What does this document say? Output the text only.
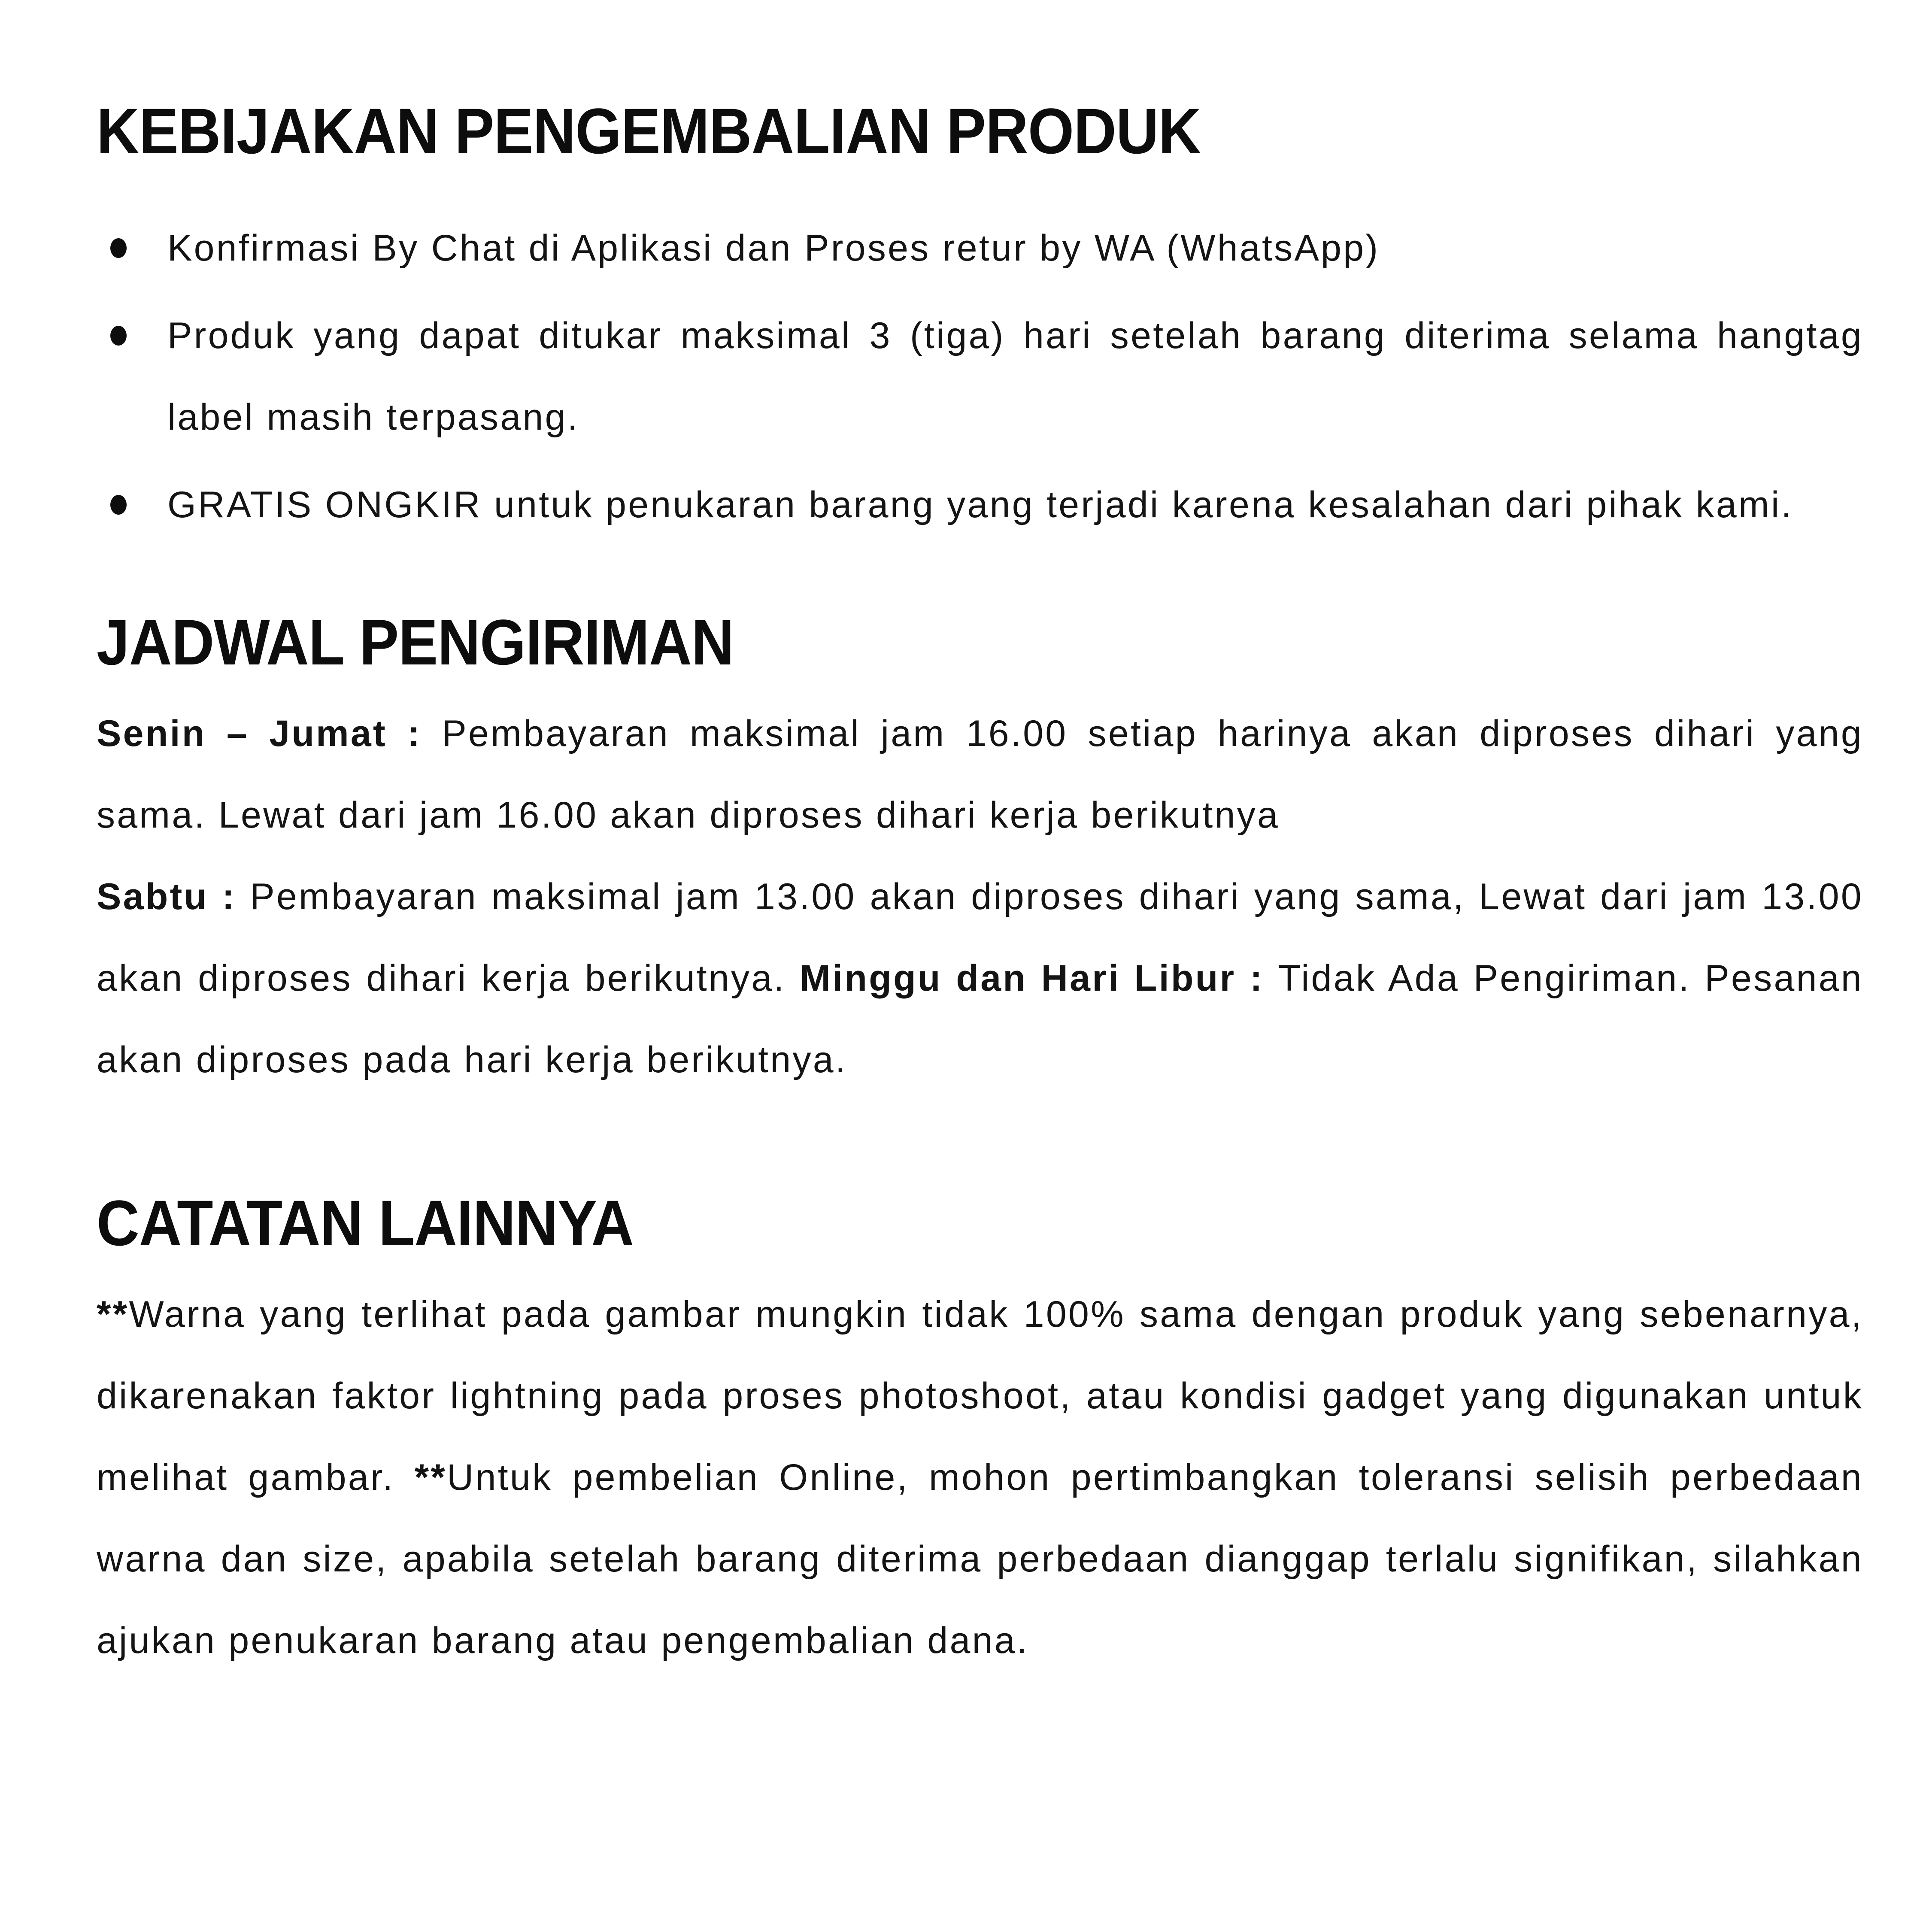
KEBIJAKAN PENGEMBALIAN PRODUK
Konfirmasi By Chat di Aplikasi dan Proses retur by WA (WhatsApp)
Produk yang dapat ditukar maksimal 3 (tiga) hari setelah barang diterima selama hangtag label masih terpasang.
GRATIS ONGKIR untuk penukaran barang yang terjadi karena kesalahan dari pihak kami.
JADWAL PENGIRIMAN

Senin – Jumat : Pembayaran maksimal jam 16.00 setiap harinya akan diproses dihari yang sama. Lewat dari jam 16.00 akan diproses dihari kerja berikutnya

Sabtu : Pembayaran maksimal jam 13.00 akan diproses dihari yang sama, Lewat dari jam 13.00 akan diproses dihari kerja berikutnya. Minggu dan Hari Libur : Tidak Ada Pengiriman. Pesanan akan diproses pada hari kerja berikutnya.

CATATAN LAINNYA

**Warna yang terlihat pada gambar mungkin tidak 100% sama dengan produk yang sebenarnya, dikarenakan faktor lightning pada proses photoshoot, atau kondisi gadget yang digunakan untuk melihat gambar. **Untuk pembelian Online, mohon pertimbangkan toleransi selisih perbedaan warna dan size, apabila setelah barang diterima perbedaan dianggap terlalu signifikan, silahkan ajukan penukaran barang atau pengembalian dana.
